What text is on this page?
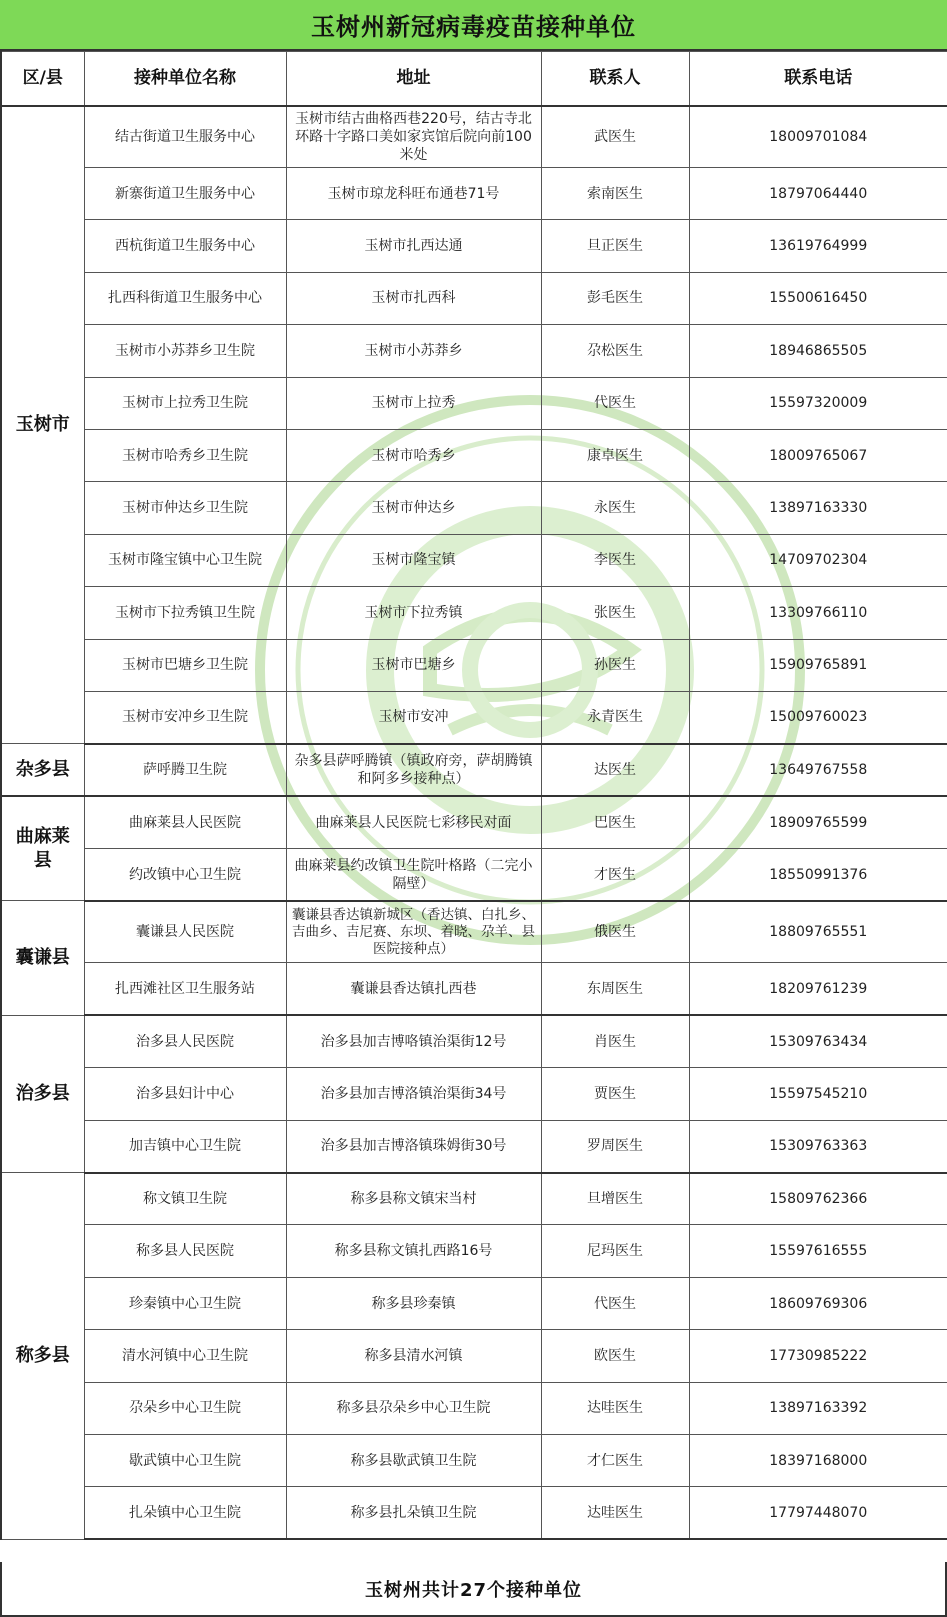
玉树州新冠病毒疫苗接种单位
区/县	接种单位名称	地址	联系人	联系电话
玉树市	结古街道卫生服务中心	玉树市结古曲格西巷220号，结古寺北环路十字路口美如家宾馆后院向前100米处	武医生	18009701084
	新寨街道卫生服务中心	玉树市琼龙科旺布通巷71号	索南医生	18797064440
	西杭街道卫生服务中心	玉树市扎西达通	旦正医生	13619764999
	扎西科街道卫生服务中心	玉树市扎西科	彭毛医生	15500616450
	玉树市小苏莽乡卫生院	玉树市小苏莽乡	尕松医生	18946865505
	玉树市上拉秀卫生院	玉树市上拉秀	代医生	15597320009
	玉树市哈秀乡卫生院	玉树市哈秀乡	康卓医生	18009765067
	玉树市仲达乡卫生院	玉树市仲达乡	永医生	13897163330
	玉树市隆宝镇中心卫生院	玉树市隆宝镇	李医生	14709702304
	玉树市下拉秀镇卫生院	玉树市下拉秀镇	张医生	13309766110
	玉树市巴塘乡卫生院	玉树市巴塘乡	孙医生	15909765891
	玉树市安冲乡卫生院	玉树市安冲	永青医生	15009760023
杂多县	萨呼腾卫生院	杂多县萨呼腾镇（镇政府旁，萨胡腾镇和阿多乡接种点）	达医生	13649767558
曲麻莱县	曲麻莱县人民医院	曲麻莱县人民医院七彩移民对面	巴医生	18909765599
	约改镇中心卫生院	曲麻莱县约改镇卫生院叶格路（二完小隔壁）	才医生	18550991376
囊谦县	囊谦县人民医院	囊谦县香达镇新城区（香达镇、白扎乡、吉曲乡、吉尼赛、东坝、着晓、尕羊、县医院接种点）	俄医生	18809765551
	扎西滩社区卫生服务站	囊谦县香达镇扎西巷	东周医生	18209761239
治多县	治多县人民医院	治多县加吉博咯镇治渠街12号	肖医生	15309763434
	治多县妇计中心	治多县加吉博洛镇治渠街34号	贾医生	15597545210
	加吉镇中心卫生院	治多县加吉博洛镇珠姆街30号	罗周医生	15309763363
称多县	称文镇卫生院	称多县称文镇宋当村	旦增医生	15809762366
	称多县人民医院	称多县称文镇扎西路16号	尼玛医生	15597616555
	珍秦镇中心卫生院	称多县珍秦镇	代医生	18609769306
	清水河镇中心卫生院	称多县清水河镇	欧医生	17730985222
	尕朵乡中心卫生院	称多县尕朵乡中心卫生院	达哇医生	13897163392
	歇武镇中心卫生院	称多县歇武镇卫生院	才仁医生	18397168000
	扎朵镇中心卫生院	称多县扎朵镇卫生院	达哇医生	17797448070
玉树州共计27个接种单位
